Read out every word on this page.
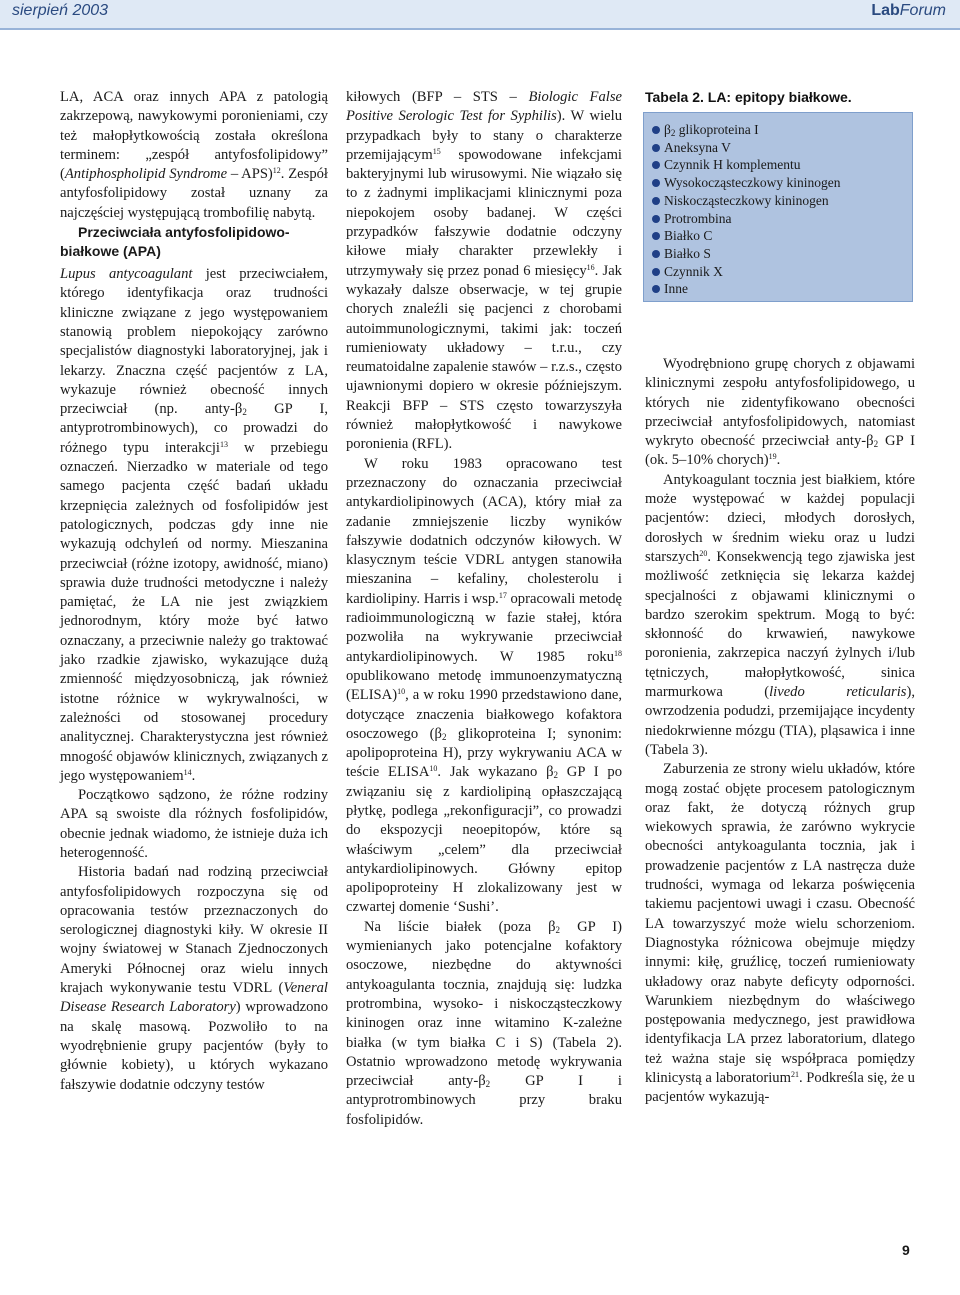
sierpień 2003	LabForum

LA, ACA oraz innych APA z patologią zakrzepową, nawykowymi poronieniami, czy też małopłytkowością została określona terminem: „zespół antyfosfolipidowy” (Antiphospholipid Syndrome – APS)$^{12}$. Zespół antyfosfolipidowy został uznany za najczęściej występującą trombofilię nabytą.

Przeciwciała antyfosfolipidowo-białkowe (APA)

Lupus antycoagulant jest przeciwciałem, którego identyfikacja oraz trudności kliniczne związane z jego występowaniem stanowią problem niepokojący zarówno specjalistów diagnostyki laboratoryjnej, jak i lekarzy. Znaczna część pacjentów z LA, wykazuje również obecność innych przeciwciał (np. anty-$\beta_2$ GP I, antyprotrombinowych), co prowadzi do różnego typu interakcji$^{13}$ w przebiegu oznaczeń. Nierzadko w materiale od tego samego pacjenta część badań układu krzepnięcia zależnych od fosfolipidów jest patologicznych, podczas gdy inne nie wykazują odchyleń od normy. Mieszanina przeciwciał (różne izotopy, awidność, miano) sprawia duże trudności metodyczne i należy pamiętać, że LA nie jest związkiem jednorodnym, który może być łatwo oznaczany, a przeciwnie należy go traktować jako rzadkie zjawisko, wykazujące dużą zmienność międzyosobniczą, jak również istotne różnice w wykrywalności, w zależności od stosowanej procedury analitycznej. Charakterystyczna jest również mnogość objawów klinicznych, związanych z jego występowaniem$^{14}$.

Początkowo sądzono, że różne rodziny APA są swoiste dla różnych fosfolipidów, obecnie jednak wiadomo, że istnieje duża ich heterogenność.

Historia badań nad rodziną przeciwciał antyfosfolipidowych rozpoczyna się od opracowania testów przeznaczonych do serologicznej diagnostyki kiły. W okresie II wojny światowej w Stanach Zjednoczonych Ameryki Północnej oraz wielu innych krajach wykonywanie testu VDRL (Veneral Disease Research Laboratory) wprowadzono na skalę masową. Pozwoliło to na wyodrębnienie grupy pacjentów (były to głównie kobiety), u których wykazano fałszywie dodatnie odczyny testów

kiłowych (BFP – STS – Biologic False Positive Serologic Test for Syphilis). W wielu przypadkach były to stany o charakterze przemijającym$^{15}$ spowodowane infekcjami bakteryjnymi lub wirusowymi. Nie wiązało się to z żadnymi implikacjami klinicznymi poza niepokojem osoby badanej. W części przypadków fałszywie dodatnie odczyny kiłowe miały charakter przewlekły i utrzymywały się przez ponad 6 miesięcy$^{16}$. Jak wykazały dalsze obserwacje, w tej grupie chorych znaleźli się pacjenci z chorobami autoimmunologicznymi, takimi jak: toczeń rumieniowaty układowy – t.r.u., czy reumatoidalne zapalenie stawów – r.z.s., często ujawnionymi dopiero w okresie późniejszym. Reakcji BFP – STS często towarzyszyła również małopłytkowość i nawykowe poronienia (RFL).

W roku 1983 opracowano test przeznaczony do oznaczania przeciwciał antykardiolipinowych (ACA), który miał za zadanie zmniejszenie liczby wyników fałszywie dodatnich odczynów kiłowych. W klasycznym teście VDRL antygen stanowiła mieszanina – kefaliny, cholesterolu i kardiolipiny. Harris i wsp.$^{17}$ opracowali metodę radioimmunologiczną w fazie stałej, która pozwoliła na wykrywanie przeciwciał antykardiolipinowych. W 1985 roku$^{18}$ opublikowano metodę immunoenzymatyczną (ELISA)$^{10}$, a w roku 1990 przedstawiono dane, dotyczące znaczenia białkowego kofaktora osoczowego ($\beta_2$ glikoproteina I; synonim: apolipoproteina H), przy wykrywaniu ACA w teście ELISA$^{10}$. Jak wykazano $\beta_2$ GP I po związaniu się z kardiolipiną opłaszczającą płytkę, podlega „rekonfiguracji”, co prowadzi do ekspozycji neoepitopów, które są właściwym „celem” dla przeciwciał antykardiolipinowych. Główny epitop apolipoproteiny H zlokalizowany jest w czwartej domenie ‘Sushi’.

Na liście białek (poza $\beta_2$ GP I) wymienianych jako potencjalne kofaktory osoczowe, niezbędne do aktywności antykoagulanta tocznia, znajdują się: ludzka protrombina, wysoko- i niskocząsteczkowy kininogen oraz inne witamino K-zależne białka (w tym białka C i S) (Tabela 2). Ostatnio wprowadzono metodę wykrywania przeciwciał anty-$\beta_2$ GP I i antyprotrombinowych przy braku fosfolipidów.

Tabela 2. LA: epitopy białkowe.
$\beta_2$ glikoproteina I
Aneksyna V
Czynnik H komplementu
Wysokocząsteczkowy kininogen
Niskocząsteczkowy kininogen
Protrombina
Białko C
Białko S
Czynnik X
Inne

Wyodrębniono grupę chorych z objawami klinicznymi zespołu antyfosfolipidowego, u których nie zidentyfikowano obecności przeciwciał antyfosfolipidowych, natomiast wykryto obecność przeciwciał anty-$\beta_2$ GP I (ok. 5–10% chorych)$^{19}$.

Antykoagulant tocznia jest białkiem, które może występować w każdej populacji pacjentów: dzieci, młodych dorosłych, dorosłych w średnim wieku oraz u ludzi starszych$^{20}$. Konsekwencją tego zjawiska jest możliwość zetknięcia się lekarza każdej specjalności z objawami klinicznymi o bardzo szerokim spektrum. Mogą to być: skłonność do krwawień, nawykowe poronienia, zakrzepica naczyń żylnych i/lub tętniczych, małopłytkowość, sinica marmurkowa (livedo reticularis), owrzodzenia podudzi, przemijające incydenty niedokrwienne mózgu (TIA), pląsawica i inne (Tabela 3).

Zaburzenia ze strony wielu układów, które mogą zostać objęte procesem patologicznym oraz fakt, że dotyczą różnych grup wiekowych sprawia, że zarówno wykrycie obecności antykoagulanta tocznia, jak i prowadzenie pacjentów z LA nastręcza duże trudności, wymaga od lekarza poświęcenia takiemu pacjentowi uwagi i czasu. Obecność LA towarzyszyć może wielu schorzeniom. Diagnostyka różnicowa obejmuje między innymi: kiłę, gruźlicę, toczeń rumieniowaty układowy oraz nabyte deficyty odporności. Warunkiem niezbędnym do właściwego postępowania medycznego, jest prawidłowa identyfikacja LA przez laboratorium, dlatego też ważna staje się współpraca pomiędzy klinicystą a laboratorium$^{21}$. Podkreśla się, że u pacjentów wykazują-

9
